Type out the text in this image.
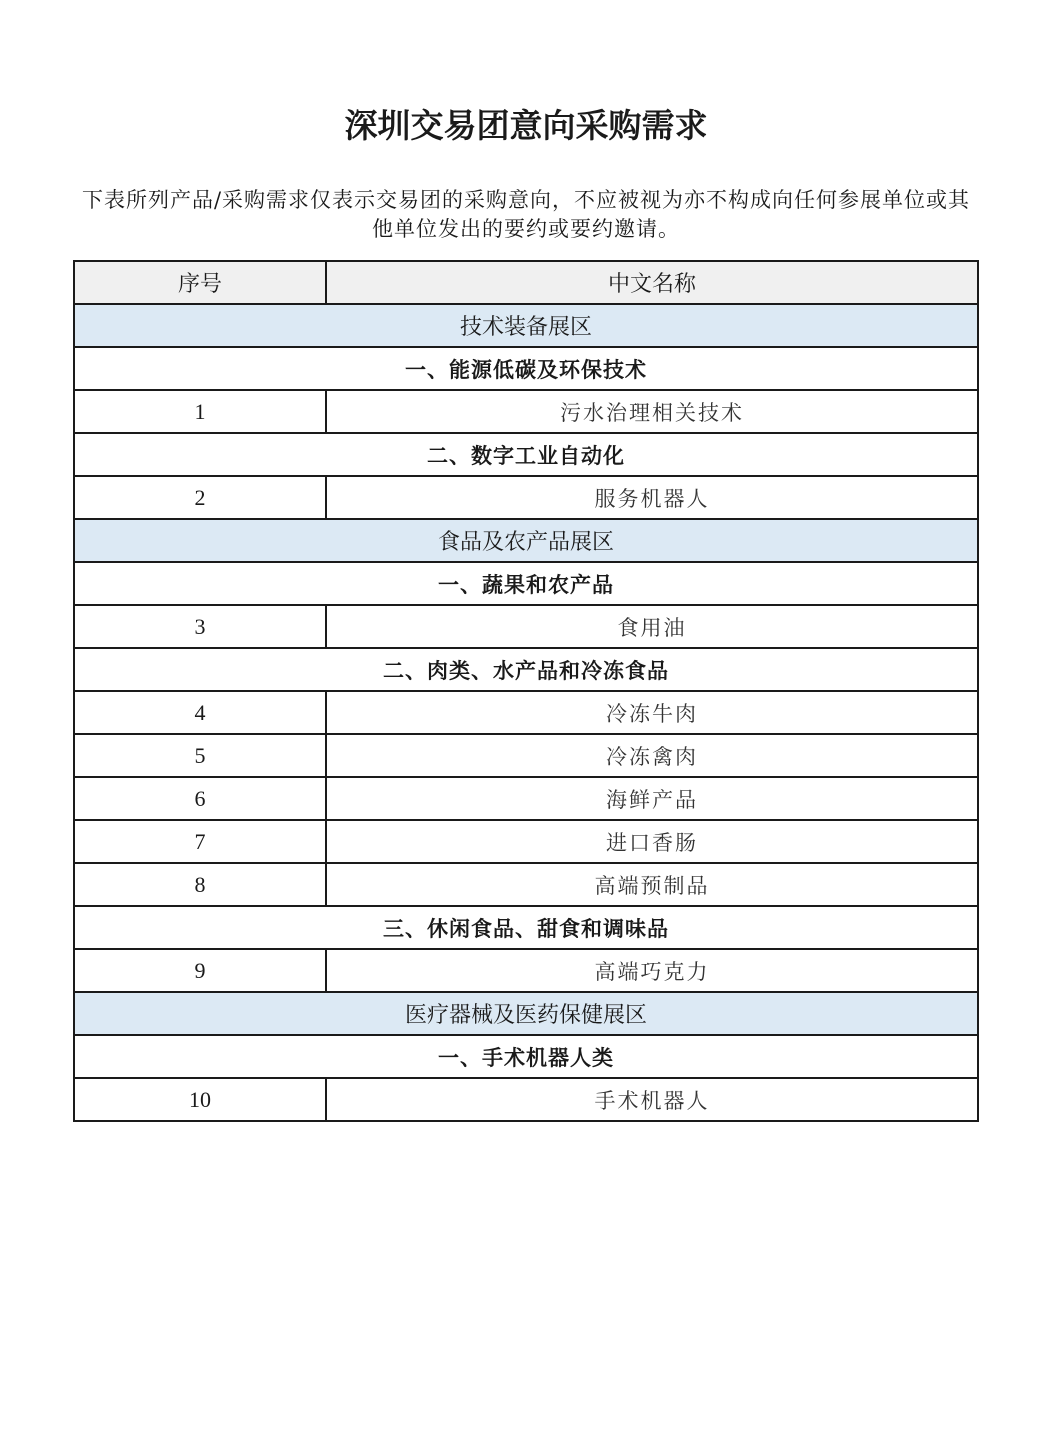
深圳交易团意向采购需求
下表所列产品/采购需求仅表示交易团的采购意向，不应被视为亦不构成向任何参展单位或其他单位发出的要约或要约邀请。
序号	中文名称
技术装备展区	
一、能源低碳及环保技术	
1	污水治理相关技术
二、数字工业自动化	
2	服务机器人
食品及农产品展区	
一、蔬果和农产品	
3	食用油
二、肉类、水产品和冷冻食品	
4	冷冻牛肉
5	冷冻禽肉
6	海鲜产品
7	进口香肠
8	高端预制品
三、休闲食品、甜食和调味品	
9	高端巧克力
医疗器械及医药保健展区	
一、手术机器人类	
10	手术机器人
